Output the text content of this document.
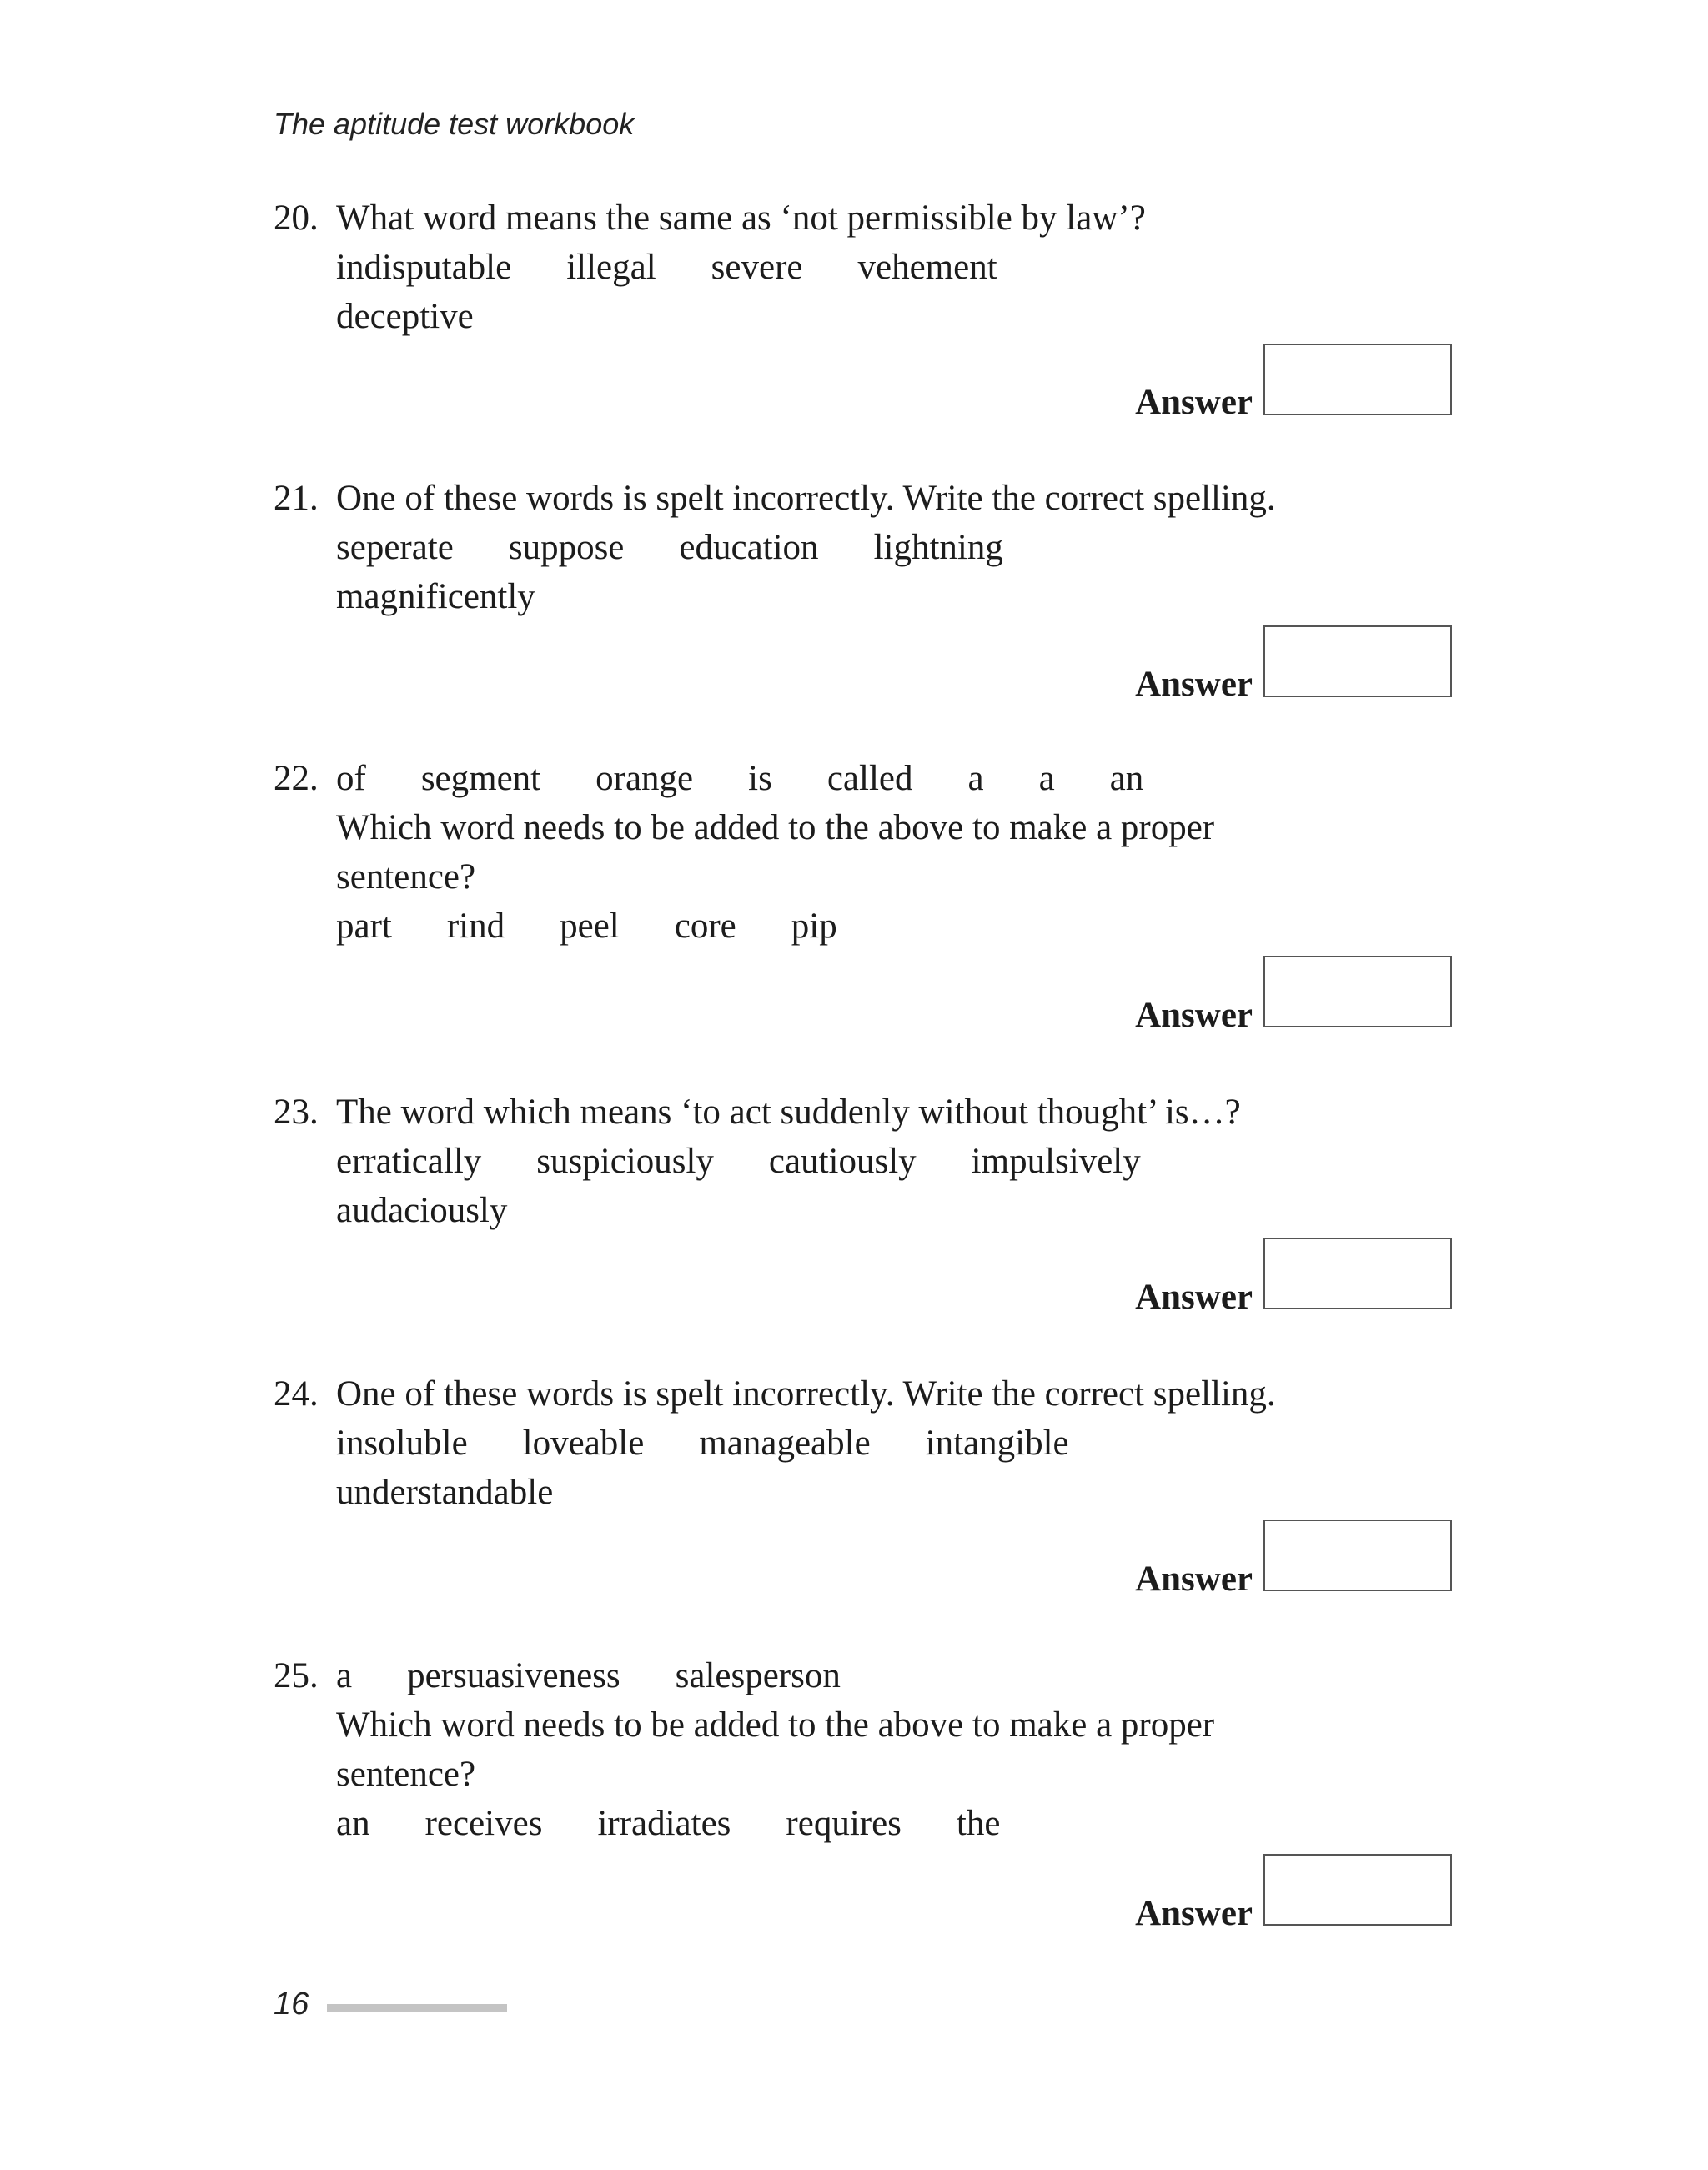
The aptitude test workbook
20. What word means the same as ‘not permissible by law’?
indisputable illegal severe vehement
deceptive
Answer
21. One of these words is spelt incorrectly. Write the correct spelling.
seperate suppose education lightning
magnificently
Answer
22. of segment orange is called a a an
Which word needs to be added to the above to make a proper
sentence?
part rind peel core pip
Answer
23. The word which means ‘to act suddenly without thought’ is…?
erratically suspiciously cautiously impulsively
audaciously
Answer
24. One of these words is spelt incorrectly. Write the correct spelling.
insoluble loveable manageable intangible
understandable
Answer
25. a persuasiveness salesperson
Which word needs to be added to the above to make a proper
sentence?
an receives irradiates requires the
Answer
16
